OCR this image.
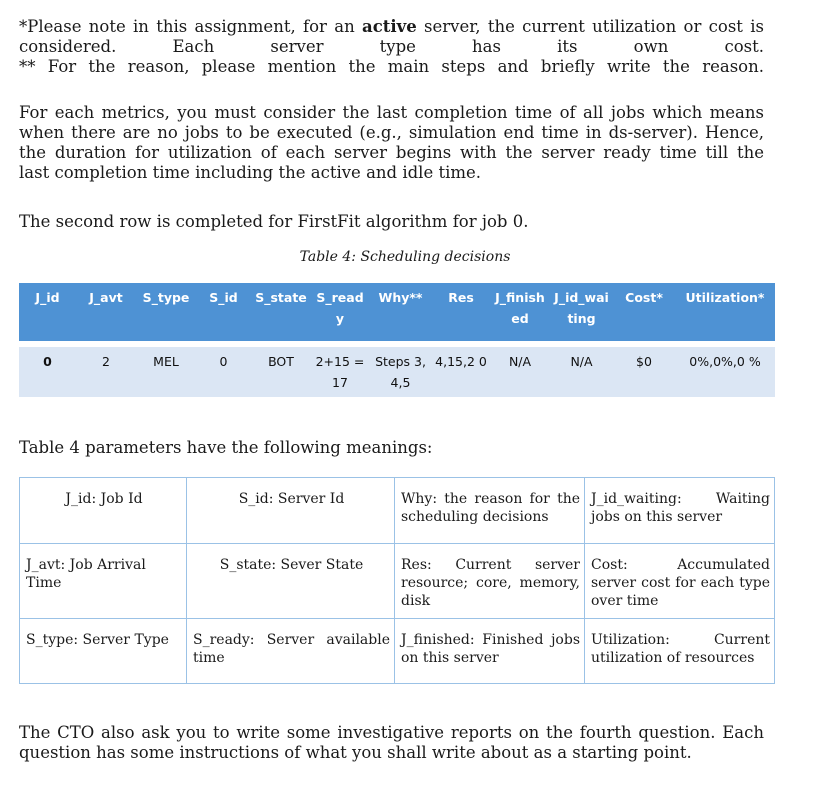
*Please note in this assignment, for an active server, the current utilization or cost is
considered. Each server type has its own cost.
** For the reason, please mention the main steps and briefly write the reason.
For each metrics, you must consider the last completion time of all jobs which means
when there are no jobs to be executed (e.g., simulation end time in ds-server). Hence,
the duration for utilization of each server begins with the server ready time till the
last completion time including the active and idle time.
The second row is completed for FirstFit algorithm for job 0.
Table 4: Scheduling decisions
J_id	J_avt	S_type	S_id	S_state	S_ready	Why**	Res	J_finished	J_id_waiting	Cost*	Utilization*

0	2	MEL	0	BOT	2+15 = 17	Steps 3,4,5	4,15,2 0	N/A	N/A	$0	0%,0%,0 %
Table 4 parameters have the following meanings:
J_id: Job Id	S_id: Server Id	Why: the reason for the scheduling decisions	J_id_waiting: Waiting jobs on this server
J_avt: Job Arrival Time	S_state: Sever State	Res: Current server resource; core, memory, disk	Cost: Accumulated server cost for each type over time
S_type: Server Type	S_ready: Server available time	J_finished: Finished jobs on this server	Utilization: Current utilization of resources
The CTO also ask you to write some investigative reports on the fourth question. Each
question has some instructions of what you shall write about as a starting point.
